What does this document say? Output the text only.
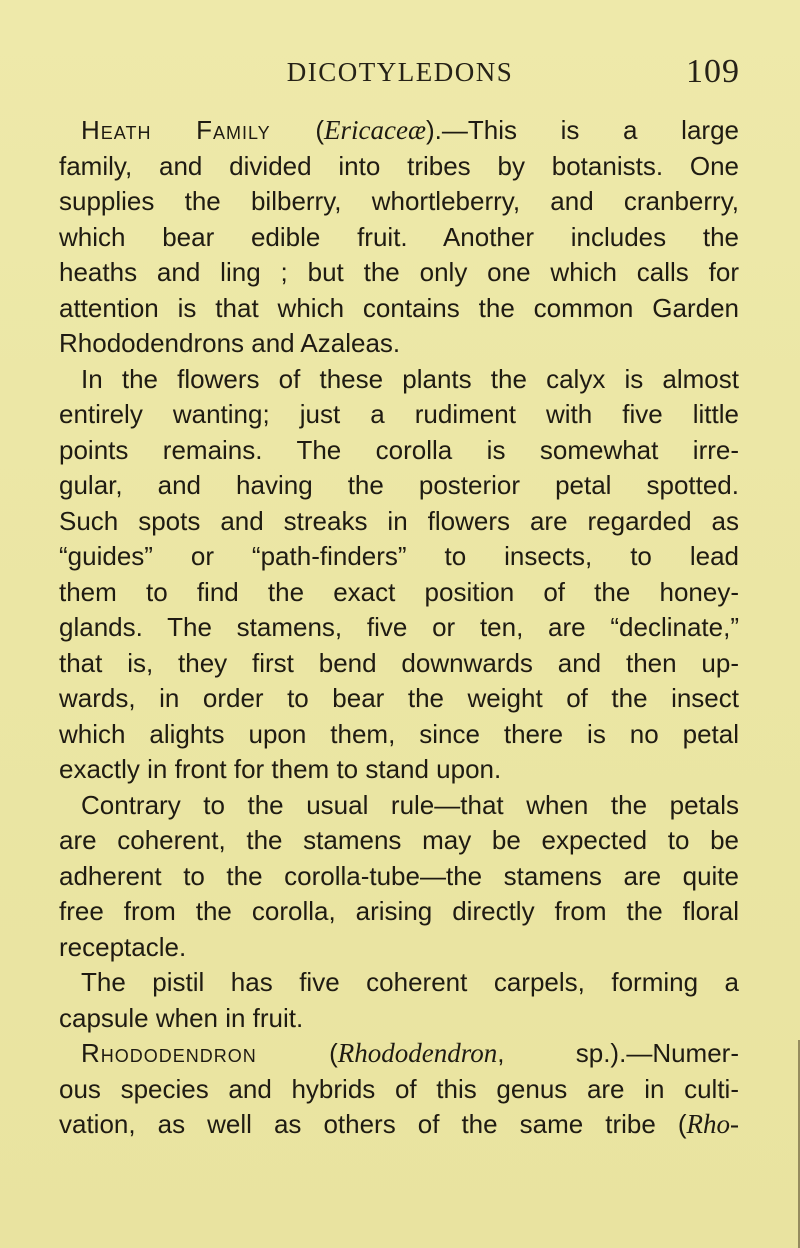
DICOTYLEDONS	109
Heath Family (Ericaceæ).—This is a large
family, and divided into tribes by botanists. One
supplies the bilberry, whortleberry, and cranberry,
which bear edible fruit. Another includes the
heaths and ling ; but the only one which calls for
attention is that which contains the common Garden
Rhododendrons and Azaleas.
In the flowers of these plants the calyx is almost
entirely wanting; just a rudiment with five little
points remains. The corolla is somewhat irre-
gular, and having the posterior petal spotted.
Such spots and streaks in flowers are regarded as
“guides” or “path-finders” to insects, to lead
them to find the exact position of the honey-
glands. The stamens, five or ten, are “declinate,”
that is, they first bend downwards and then up-
wards, in order to bear the weight of the insect
which alights upon them, since there is no petal
exactly in front for them to stand upon.
Contrary to the usual rule—that when the petals
are coherent, the stamens may be expected to be
adherent to the corolla-tube—the stamens are quite
free from the corolla, arising directly from the floral
receptacle.
The pistil has five coherent carpels, forming a
capsule when in fruit.
Rhododendron (Rhododendron, sp.).—Numer-
ous species and hybrids of this genus are in culti-
vation, as well as others of the same tribe (Rho-
